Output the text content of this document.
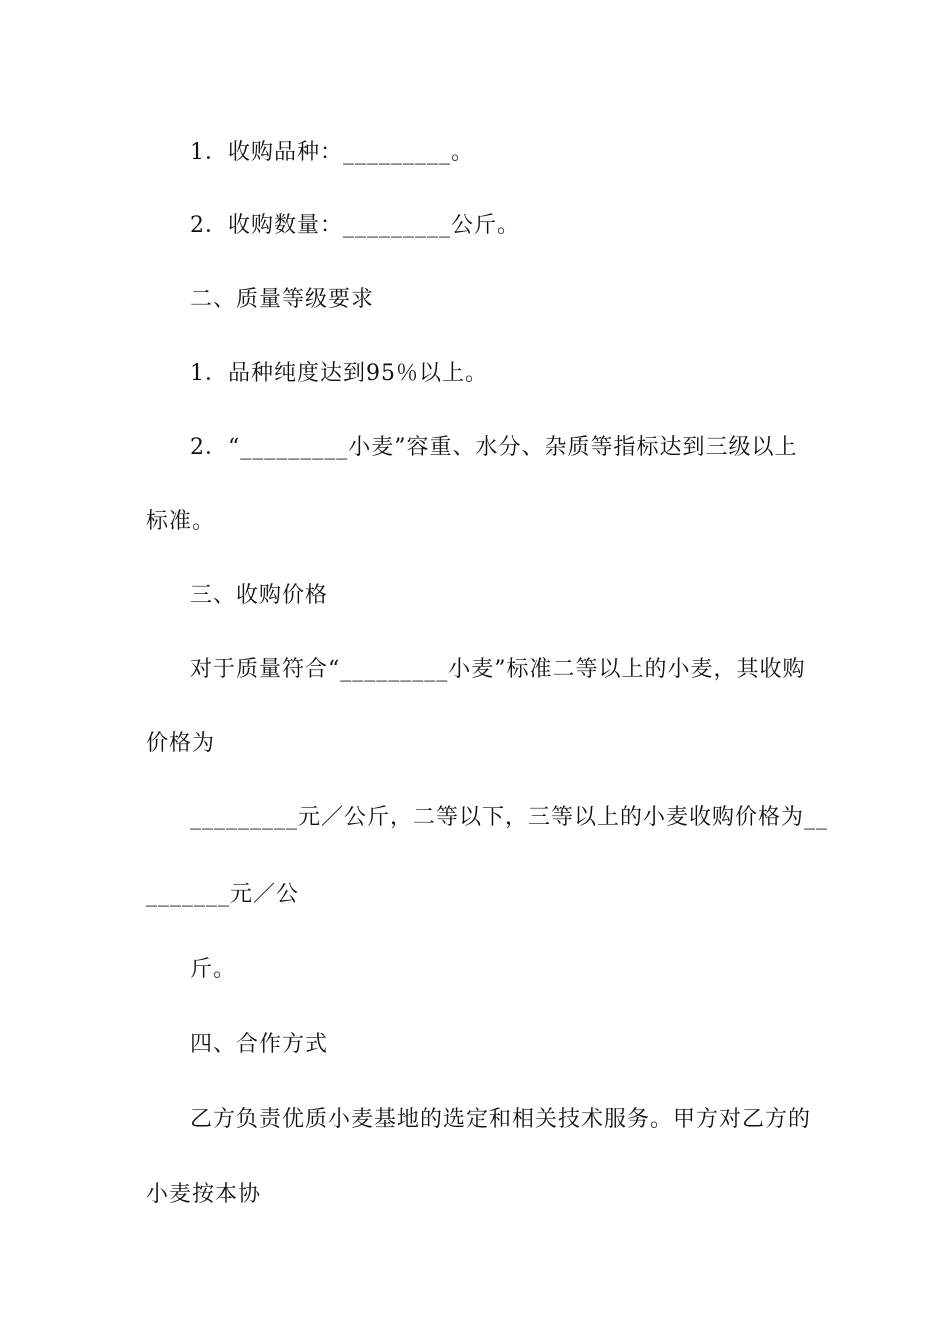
1．收购品种：_________。
2．收购数量：_________公斤。
二、质量等级要求
1．品种纯度达到95％以上。
2．“_________小麦”容重、水分、杂质等指标达到三级以上
标准。
三、收购价格
对于质量符合“_________小麦”标准二等以上的小麦，其收购
价格为
_________元／公斤，二等以下，三等以上的小麦收购价格为__
_______元／公
斤。
四、合作方式
乙方负责优质小麦基地的选定和相关技术服务。甲方对乙方的
小麦按本协
